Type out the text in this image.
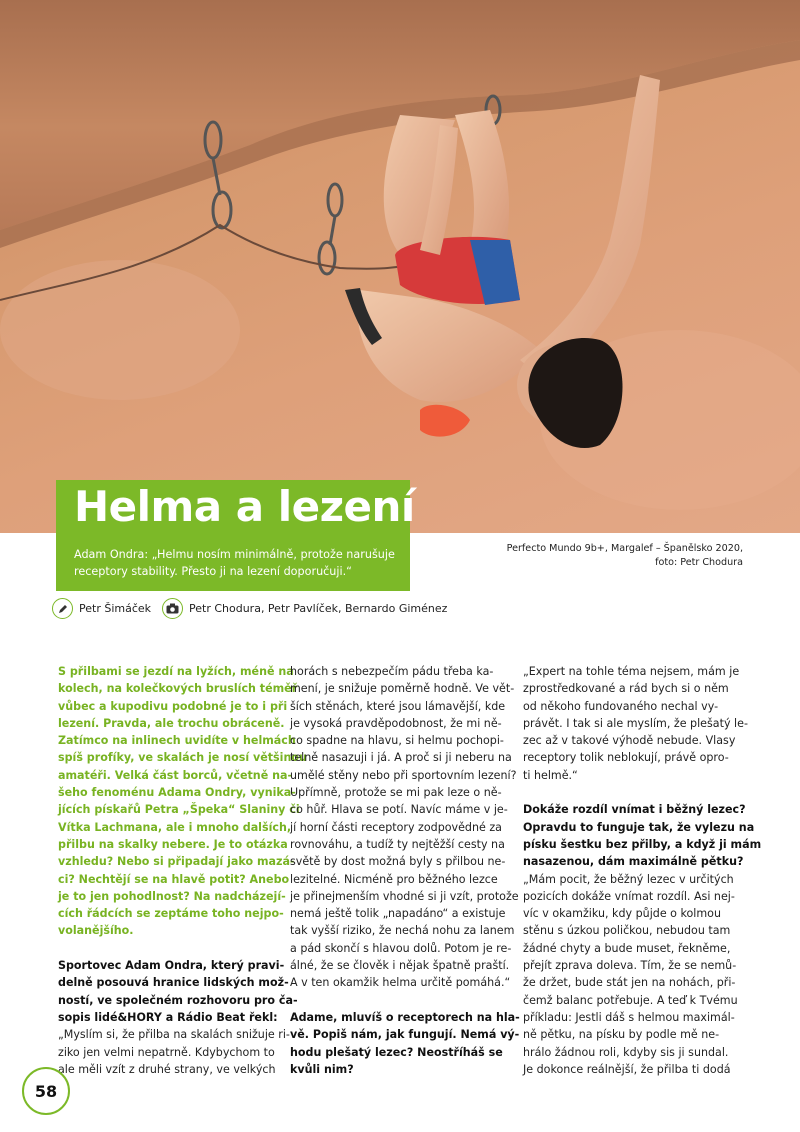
Helma a lezení

Adam Ondra: „Helmu nosím minimálně, protože narušuje receptory stability. Přesto ji na lezení doporučuji.“

Perfecto Mundo 9b+, Margalef – Španělsko 2020,
foto: Petr Chodura

Petr Šimáček	Petr Chodura, Petr Pavlíček, Bernardo Giménez

S přilbami se jezdí na lyžích, méně na

kolech, na kolečkových bruslích téměř

vůbec a kupodivu podobné je to i při

lezení. Pravda, ale trochu obráceně.

Zatímco na inlinech uvidíte v helmách

spíš profíky, ve skalách je nosí většinou

amatéři. Velká část borců, včetně na-

šeho fenoménu Adama Ondry, vynika-

jících pískařů Petra „Špeka“ Slaniny či

Vítka Lachmana, ale i mnoho dalších,

přilbu na skalky nebere. Je to otázka

vzhledu? Nebo si připadají jako mazá-

ci? Nechtějí se na hlavě potit? Anebo

je to jen pohodlnost? Na nadcházejí-

cích řádcích se zeptáme toho nejpo-

volanějšího.

Sportovec Adam Ondra, který pravi-

delně posouvá hranice lidských mož-

ností, ve společném rozhovoru pro ča-

sopis lidé&HORY a Rádio Beat řekl:

„Myslím si, že přilba na skalách snižuje ri-

ziko jen velmi nepatrně. Kdybychom to

ale měli vzít z druhé strany, ve velkých

horách s nebezpečím pádu třeba ka-

mení, je snižuje poměrně hodně. Ve vět-

ších stěnách, které jsou lámavější, kde

je vysoká pravděpodobnost, že mi ně-

co spadne na hlavu, si helmu pochopi-

telně nasazuji i já. A proč si ji neberu na

umělé stěny nebo při sportovním lezení?

Upřímně, protože se mi pak leze o ně-

co hůř. Hlava se potí. Navíc máme v je-

jí horní části receptory zodpovědné za

rovnováhu, a tudíž ty nejtěžší cesty na

světě by dost možná byly s přilbou ne-

lezitelné. Nicméně pro běžného lezce

je přinejmenším vhodné si ji vzít, protože

nemá ještě tolik „napadáno“ a existuje

tak vyšší riziko, že nechá nohu za lanem

a pád skončí s hlavou dolů. Potom je re-

álné, že se člověk i nějak špatně praští.

A v ten okamžik helma určitě pomáhá.“

Adame, mluvíš o receptorech na hla-

vě. Popiš nám, jak fungují. Nemá vý-

hodu plešatý lezec? Neostříháš se

kvůli nim?

„Expert na tohle téma nejsem, mám je

zprostředkované a rád bych si o něm

od někoho fundovaného nechal vy-

právět. I tak si ale myslím, že plešatý le-

zec až v takové výhodě nebude. Vlasy

receptory tolik neblokují, právě opro-

ti helmě.“

Dokáže rozdíl vnímat i běžný lezec?

Opravdu to funguje tak, že vylezu na

písku šestku bez přilby, a když ji mám

nasazenou, dám maximálně pětku?

„Mám pocit, že běžný lezec v určitých

pozicích dokáže vnímat rozdíl. Asi nej-

víc v okamžiku, kdy půjde o kolmou

stěnu s úzkou poličkou, nebudou tam

žádné chyty a bude muset, řekněme,

přejít zprava doleva. Tím, že se nemů-

že držet, bude stát jen na nohách, při-

čemž balanc potřebuje. A teď k Tvému

příkladu: Jestli dáš s helmou maximál-

ně pětku, na písku by podle mě ne-

hrálo žádnou roli, kdyby sis ji sundal.

Je dokonce reálnější, že přilba ti dodá

58
